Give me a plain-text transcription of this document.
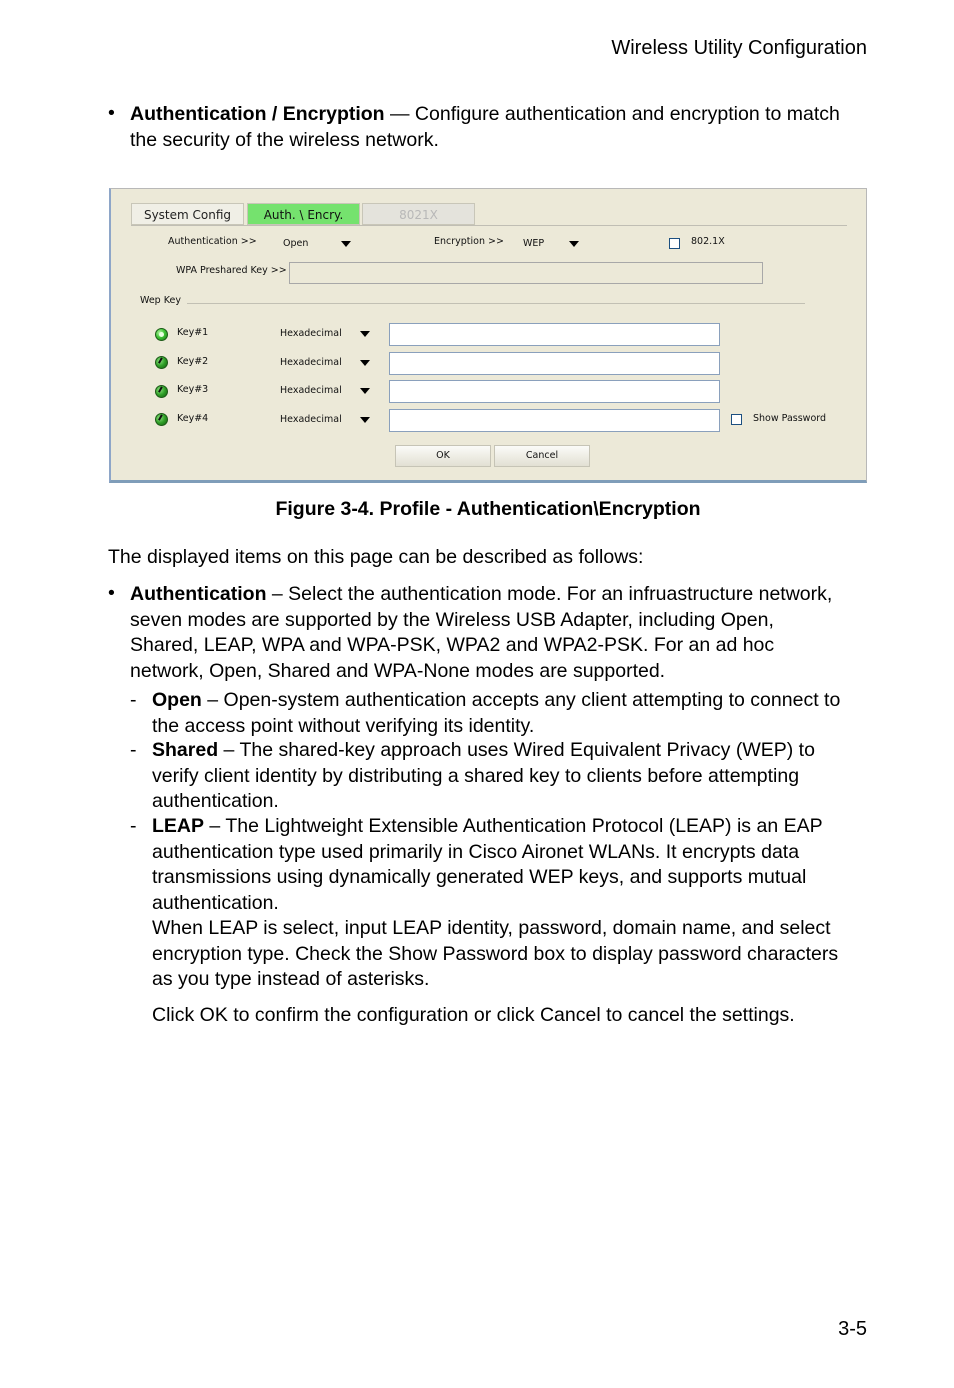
Wireless Utility Configuration
• Authentication / Encryption — Configure authentication and encryption to match
the security of the wireless network.
System Config	Auth. \ Encry.	8021X
Authentication >>	Open	Encryption >> WEP	802.1X
WPA Preshared Key >>
Wep Key
Key#1	Hexadecimal
Key#2	Hexadecimal
Key#3	Hexadecimal
Key#4	Hexadecimal	Show Password
OK	Cancel
Figure 3-4. Profile - Authentication\Encryption
The displayed items on this page can be described as follows:
• Authentication – Select the authentication mode. For an infruastructure network,
seven modes are supported by the Wireless USB Adapter, including Open,
Shared, LEAP, WPA and WPA-PSK, WPA2 and WPA2-PSK. For an ad hoc
network, Open, Shared and WPA-None modes are supported.
- Open – Open-system authentication accepts any client attempting to connect to
the access point without verifying its identity.
- Shared – The shared-key approach uses Wired Equivalent Privacy (WEP) to
verify client identity by distributing a shared key to clients before attempting
authentication.
- LEAP – The Lightweight Extensible Authentication Protocol (LEAP) is an EAP
authentication type used primarily in Cisco Aironet WLANs. It encrypts data
transmissions using dynamically generated WEP keys, and supports mutual
authentication.
When LEAP is select, input LEAP identity, password, domain name, and select
encryption type. Check the Show Password box to display password characters
as you type instead of asterisks.
Click OK to confirm the configuration or click Cancel to cancel the settings.
3-5
